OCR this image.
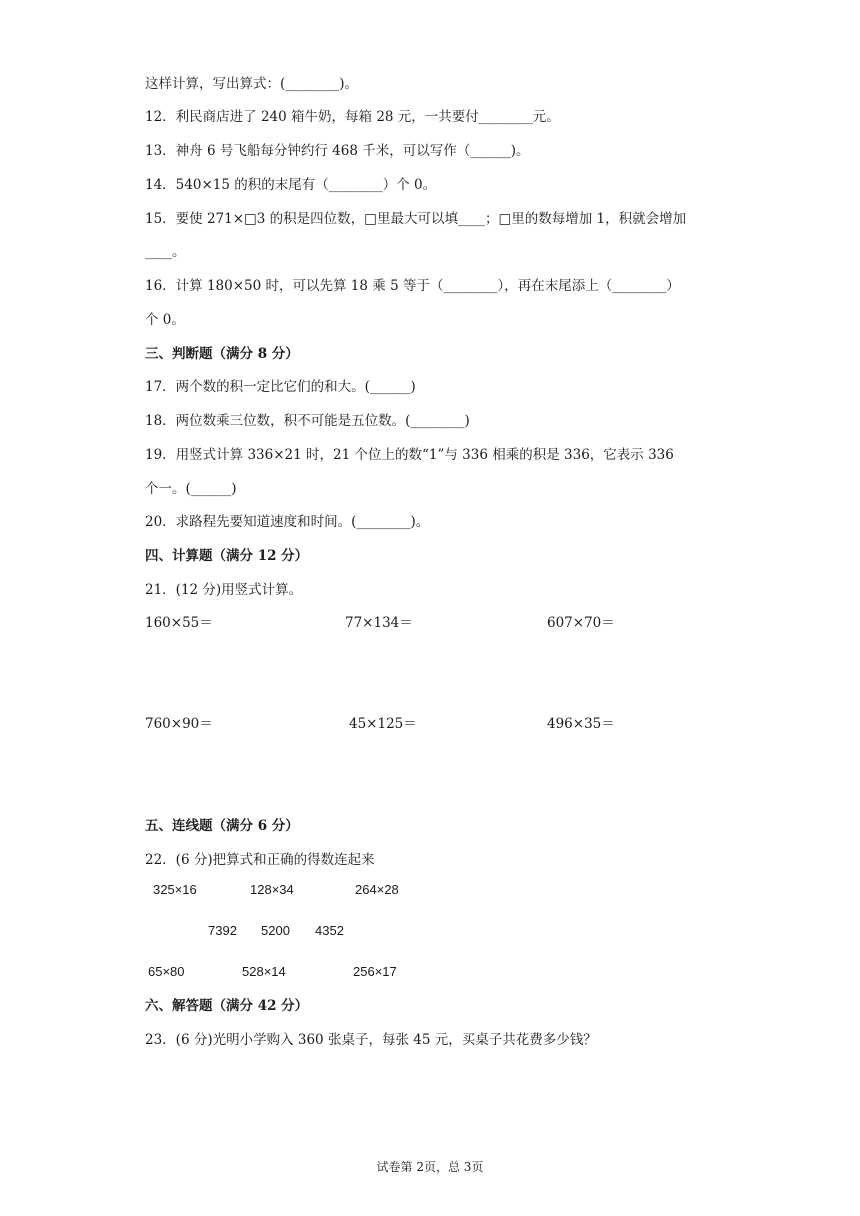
这样计算，写出算式：(________)。
12．利民商店进了 240 箱牛奶，每箱 28 元，一共要付________元。
13．神舟 6 号飞船每分钟约行 468 千米，可以写作（______)。
14．540×15 的积的末尾有（________）个 0。
15．要使 271×□3 的积是四位数，□里最大可以填____；□里的数每增加 1，积就会增加
____。
16．计算 180×50 时，可以先算 18 乘 5 等于（________），再在末尾添上（________）
个 0。
三、判断题（满分 8 分）
17．两个数的积一定比它们的和大。(______)
18．两位数乘三位数，积不可能是五位数。(________)
19．用竖式计算 336×21 时，21 个位上的数“1”与 336 相乘的积是 336，它表示 336
个一。(______)
20．求路程先要知道速度和时间。(________)。
四、计算题（满分 12 分）
21．(12 分)用竖式计算。
160×55＝	77×134＝	607×70＝
760×90＝	45×125＝	496×35＝
五、连线题（满分 6 分）
22．(6 分)把算式和正确的得数连起来
325×16	128×34	264×28
7392 5200 4352
65×80	528×14	256×17
六、解答题（满分 42 分）
23．(6 分)光明小学购入 360 张桌子，每张 45 元，买桌子共花费多少钱？
试卷第 2页，总 3页
